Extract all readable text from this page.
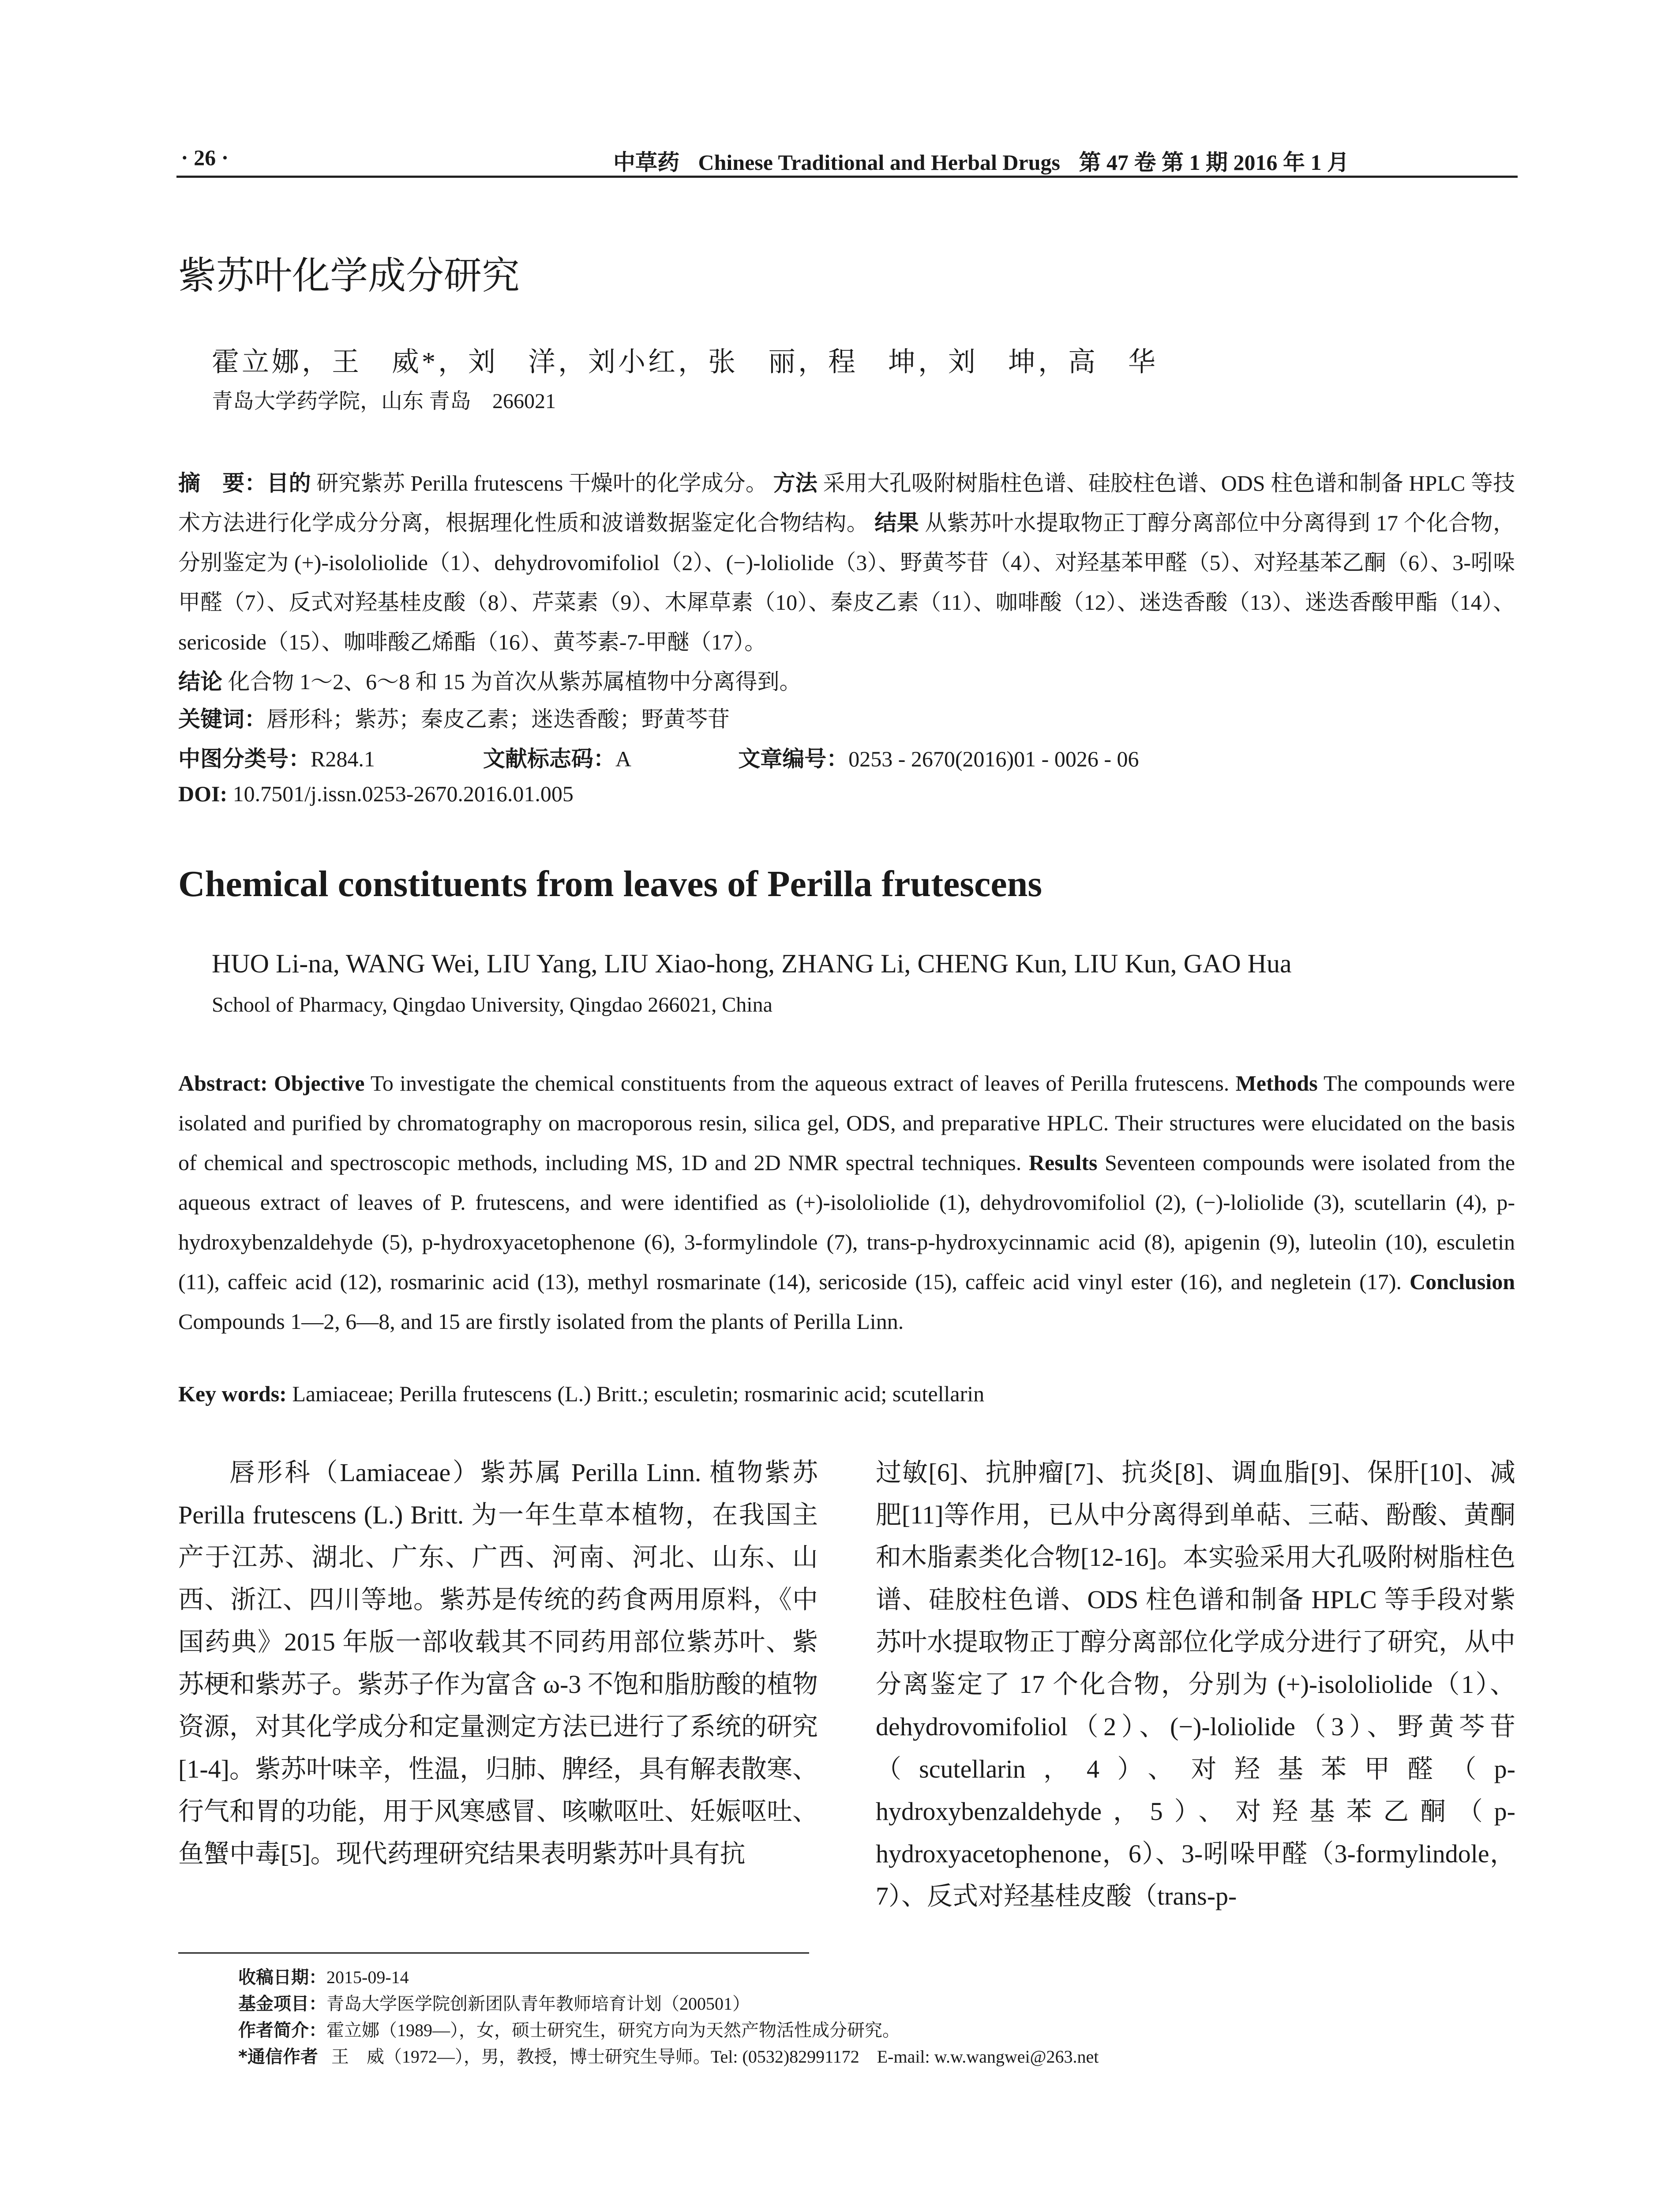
· 26 ·	中草药 Chinese Traditional and Herbal Drugs 第 47 卷 第 1 期 2016 年 1 月
紫苏叶化学成分研究
霍立娜，王　威*，刘　洋，刘小红，张　丽，程　坤，刘　坤，高　华
青岛大学药学院，山东 青岛　266021
摘　要：目的 研究紫苏 Perilla frutescens 干燥叶的化学成分。 方法 采用大孔吸附树脂柱色谱、硅胶柱色谱、ODS 柱色谱和制备 HPLC 等技术方法进行化学成分分离，根据理化性质和波谱数据鉴定化合物结构。 结果 从紫苏叶水提取物正丁醇分离部位中分离得到 17 个化合物，分别鉴定为 (+)-isololiolide（1）、dehydrovomifoliol（2）、(−)-loliolide（3）、野黄芩苷（4）、对羟基苯甲醛（5）、对羟基苯乙酮（6）、3-吲哚甲醛（7）、反式对羟基桂皮酸（8）、芹菜素（9）、木犀草素（10）、秦皮乙素（11）、咖啡酸（12）、迷迭香酸（13）、迷迭香酸甲酯（14）、sericoside（15）、咖啡酸乙烯酯（16）、黄芩素-7-甲醚（17）。
结论 化合物 1～2、6～8 和 15 为首次从紫苏属植物中分离得到。
关键词：唇形科；紫苏；秦皮乙素；迷迭香酸；野黄芩苷
中图分类号：R284.1	文献标志码：A	文章编号：0253 - 2670(2016)01 - 0026 - 06
DOI: 10.7501/j.issn.0253-2670.2016.01.005
Chemical constituents from leaves of Perilla frutescens
HUO Li-na, WANG Wei, LIU Yang, LIU Xiao-hong, ZHANG Li, CHENG Kun, LIU Kun, GAO Hua
School of Pharmacy, Qingdao University, Qingdao 266021, China
Abstract: Objective To investigate the chemical constituents from the aqueous extract of leaves of Perilla frutescens. Methods The compounds were isolated and purified by chromatography on macroporous resin, silica gel, ODS, and preparative HPLC. Their structures were elucidated on the basis of chemical and spectroscopic methods, including MS, 1D and 2D NMR spectral techniques. Results Seventeen compounds were isolated from the aqueous extract of leaves of P. frutescens, and were identified as (+)-isololiolide (1), dehydrovomifoliol (2), (−)-loliolide (3), scutellarin (4), p-hydroxybenzaldehyde (5), p-hydroxyacetophenone (6), 3-formylindole (7), trans-p-hydroxycinnamic acid (8), apigenin (9), luteolin (10), esculetin (11), caffeic acid (12), rosmarinic acid (13), methyl rosmarinate (14), sericoside (15), caffeic acid vinyl ester (16), and negletein (17). Conclusion Compounds 1—2, 6—8, and 15 are firstly isolated from the plants of Perilla Linn.
Key words: Lamiaceae; Perilla frutescens (L.) Britt.; esculetin; rosmarinic acid; scutellarin
唇形科（Lamiaceae）紫苏属 Perilla Linn. 植物紫苏 Perilla frutescens (L.) Britt. 为一年生草本植物，在我国主产于江苏、湖北、广东、广西、河南、河北、山东、山西、浙江、四川等地。紫苏是传统的药食两用原料，《中国药典》2015 年版一部收载其不同药用部位紫苏叶、紫苏梗和紫苏子。紫苏子作为富含 ω-3 不饱和脂肪酸的植物资源，对其化学成分和定量测定方法已进行了系统的研究[1-4]。紫苏叶味辛，性温，归肺、脾经，具有解表散寒、行气和胃的功能，用于风寒感冒、咳嗽呕吐、妊娠呕吐、鱼蟹中毒[5]。现代药理研究结果表明紫苏叶具有抗
过敏[6]、抗肿瘤[7]、抗炎[8]、调血脂[9]、保肝[10]、减肥[11]等作用，已从中分离得到单萜、三萜、酚酸、黄酮和木脂素类化合物[12-16]。本实验采用大孔吸附树脂柱色谱、硅胶柱色谱、ODS 柱色谱和制备 HPLC 等手段对紫苏叶水提取物正丁醇分离部位化学成分进行了研究，从中分离鉴定了 17 个化合物，分别为 (+)-isololiolide（1）、dehydrovomifoliol（2）、(−)-loliolide（3）、野黄芩苷（scutellarin，4）、对羟基苯甲醛（p-hydroxybenzaldehyde，5）、对羟基苯乙酮（p-hydroxyacetophenone，6）、3-吲哚甲醛（3-formylindole，7）、反式对羟基桂皮酸（trans-p-
收稿日期：2015-09-14
基金项目：青岛大学医学院创新团队青年教师培育计划（200501）
作者简介：霍立娜（1989—），女，硕士研究生，研究方向为天然产物活性成分研究。
*通信作者 王　威（1972—），男，教授，博士研究生导师。Tel: (0532)82991172　E-mail: w.w.wangwei@263.net
